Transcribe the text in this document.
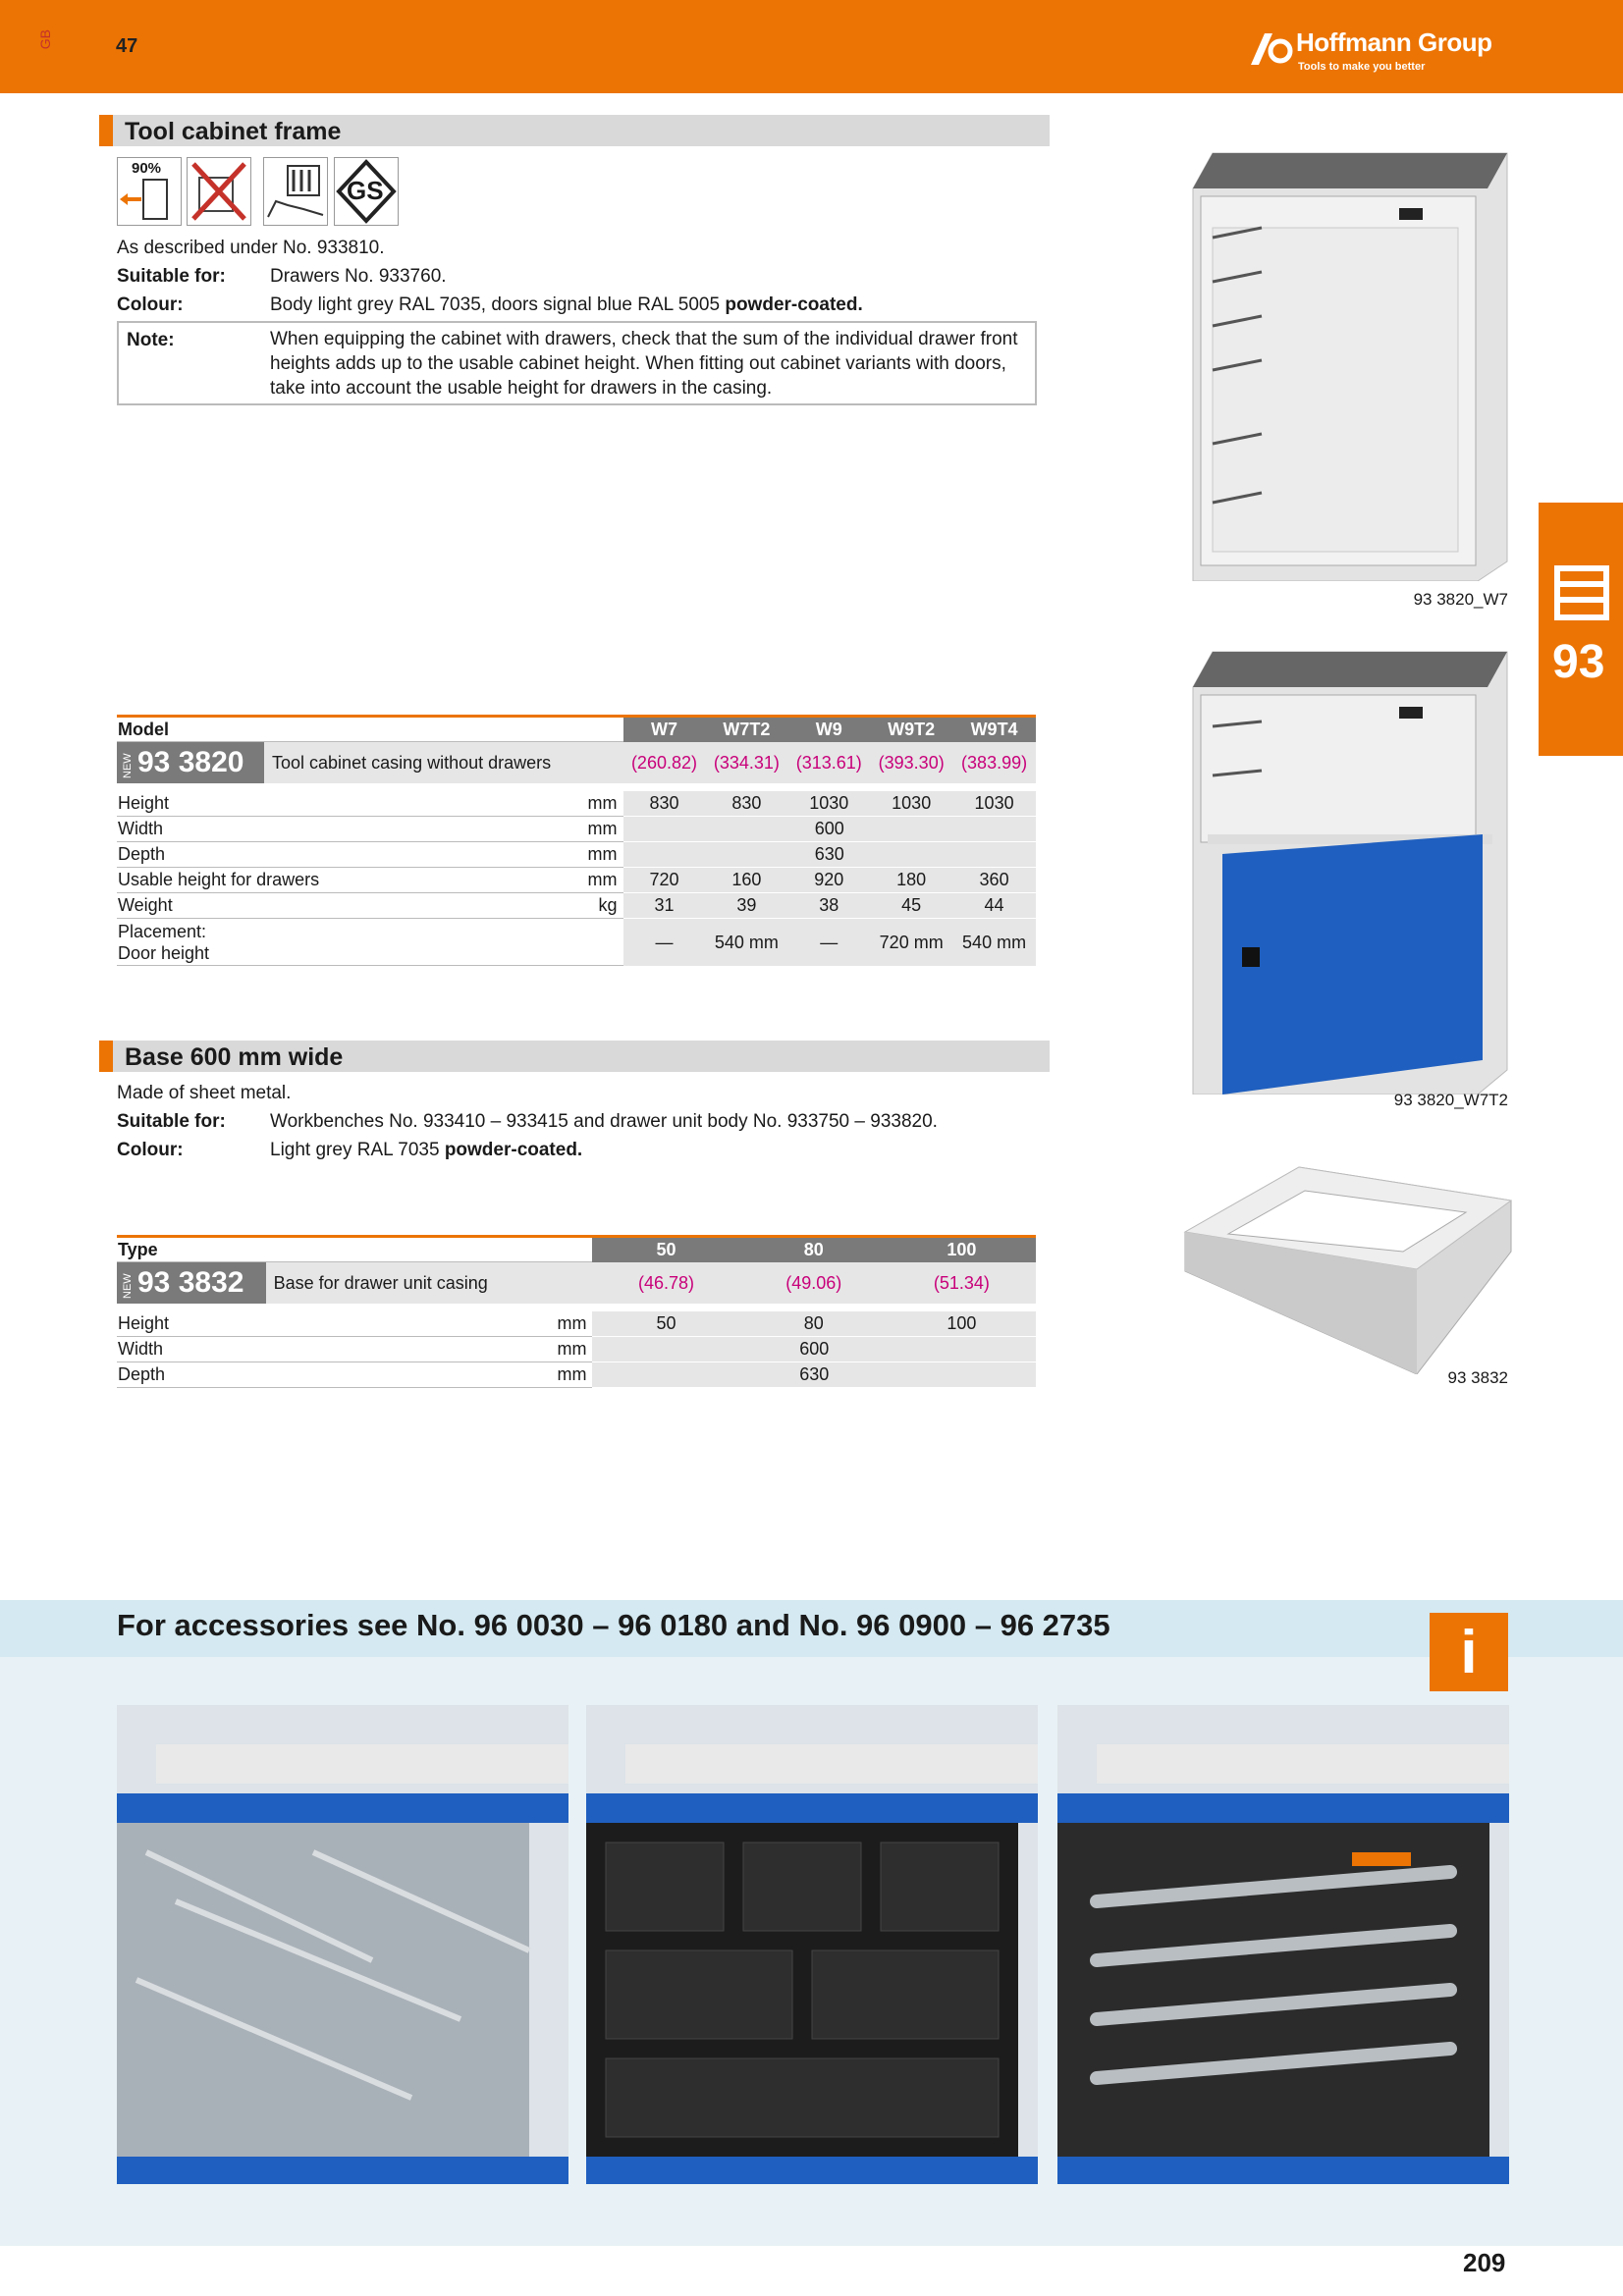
GB	47	Hoffmann Group
Tools to make you better
Tool cabinet frame
90%
GS
As described under No. 933810.
Suitable for: Drawers No. 933760.
Colour:	Body light grey RAL 7035, doors signal blue RAL 5005 powder-coated.
Note:	When equipping the cabinet with drawers, check that the sum of the individual drawer front heights adds up to the usable cabinet height. When fitting out cabinet variants with doors, take into account the usable height for drawers in the casing.
Model			W7	W7T2	W9	W9T2	W9T4
NEW 93 3820	Tool cabinet casing without drawers		(260.82)	(334.31)	(313.61)	(393.30)	(383.99)

Height		mm	830	830	1030	1030	1030
Width		mm	600				
Depth		mm	630				
Usable height for drawers		mm	720	160	920	180	360
Weight		kg	31	39	38	45	44
Placement:
Door height			—	540 mm	—	720 mm	540 mm
Base 600 mm wide
Made of sheet metal.
Suitable for: Workbenches No. 933410 – 933415 and drawer unit body No. 933750 – 933820.
Colour:	Light grey RAL 7035 powder-coated.
Type			50	80	100
NEW 93 3832	Base for drawer unit casing		(46.78)	(49.06)	(51.34)

Height		mm	50	80	100
Width		mm	600		
Depth		mm	630		
93 3820_W7
93 3820_W7T2
93 3832
93
For accessories see No. 96 0030 – 96 0180 and No. 96 0900 – 96 2735	i
209
